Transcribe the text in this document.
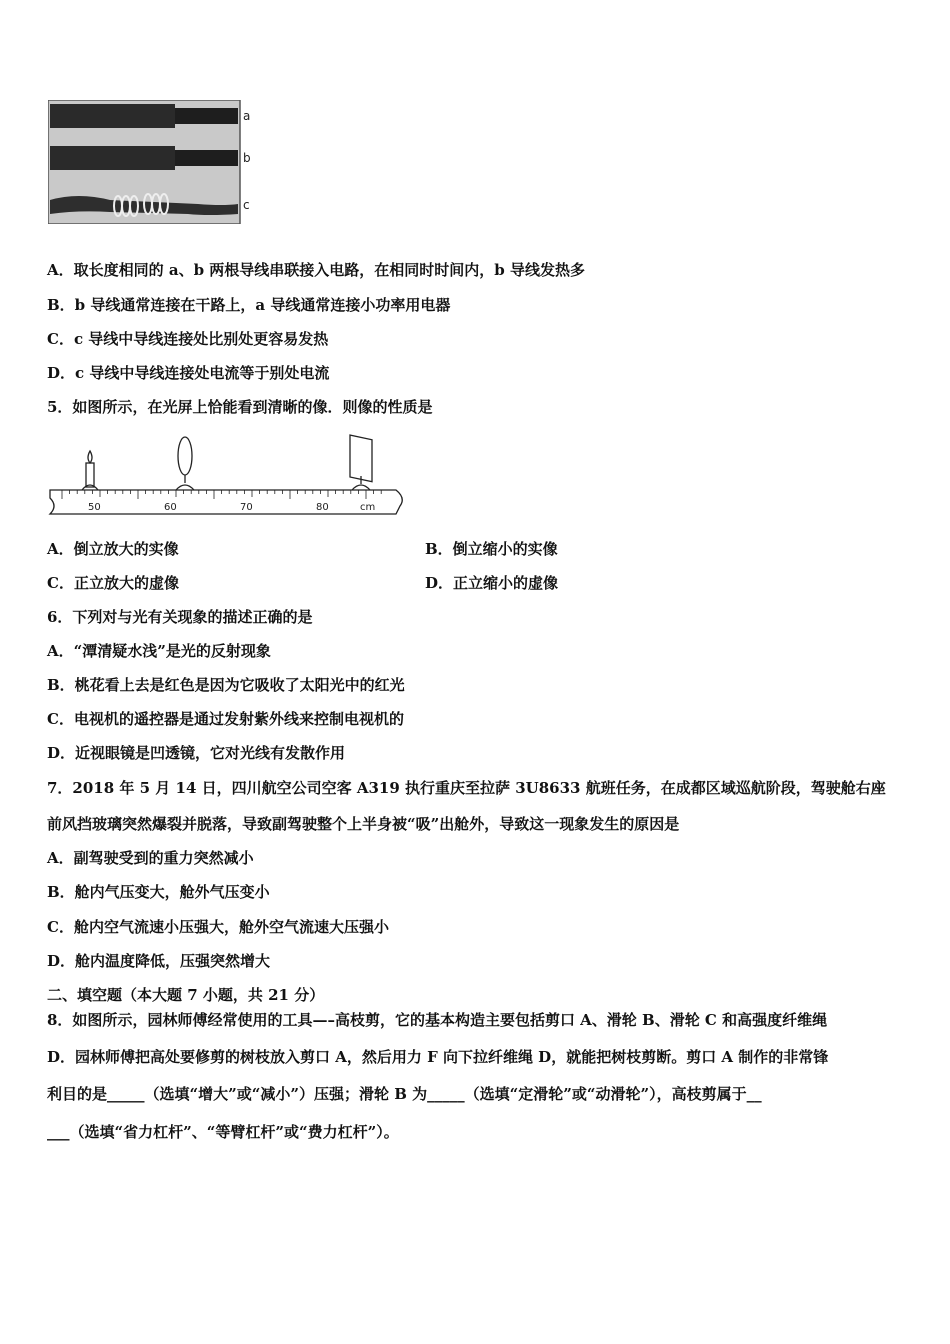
a
b
c
A．取长度相同的 a、b 两根导线串联接入电路，在相同时时间内，b 导线发热多
B．b 导线通常连接在干路上，a 导线通常连接小功率用电器
C．c 导线中导线连接处比别处更容易发热
D．c 导线中导线连接处电流等于别处电流
5．如图所示，在光屏上恰能看到清晰的像．则像的性质是
50	60	70	80	cm
A．倒立放大的实像	B．倒立缩小的实像
C．正立放大的虚像	D．正立缩小的虚像
6．下列对与光有关现象的描述正确的是
A．“潭清疑水浅”是光的反射现象
B．桃花看上去是红色是因为它吸收了太阳光中的红光
C．电视机的遥控器是通过发射紫外线来控制电视机的
D．近视眼镜是凹透镜，它对光线有发散作用
7．2018 年 5 月 14 日，四川航空公司空客 A319 执行重庆至拉萨 3U8633 航班任务，在成都区域巡航阶段，驾驶舱右座
前风挡玻璃突然爆裂并脱落，导致副驾驶整个上半身被“吸”出舱外，导致这一现象发生的原因是
A．副驾驶受到的重力突然减小
B．舱内气压变大，舱外气压变小
C．舱内空气流速小压强大，舱外空气流速大压强小
D．舱内温度降低，压强突然增大
二、填空题（本大题 7 小题，共 21 分）
8．如图所示，园林师傅经常使用的工具—–高枝剪，它的基本构造主要包括剪口 A、滑轮 B、滑轮 C 和高强度纤维绳
D．园林师傅把高处要修剪的树枝放入剪口 A，然后用力 F 向下拉纤维绳 D，就能把树枝剪断。剪口 A 制作的非常锋
利目的是_____（选填“增大”或“减小”）压强；滑轮 B 为_____（选填“定滑轮”或“动滑轮”），高枝剪属于__
___（选填“省力杠杆”、“等臂杠杆”或“费力杠杆”）。
